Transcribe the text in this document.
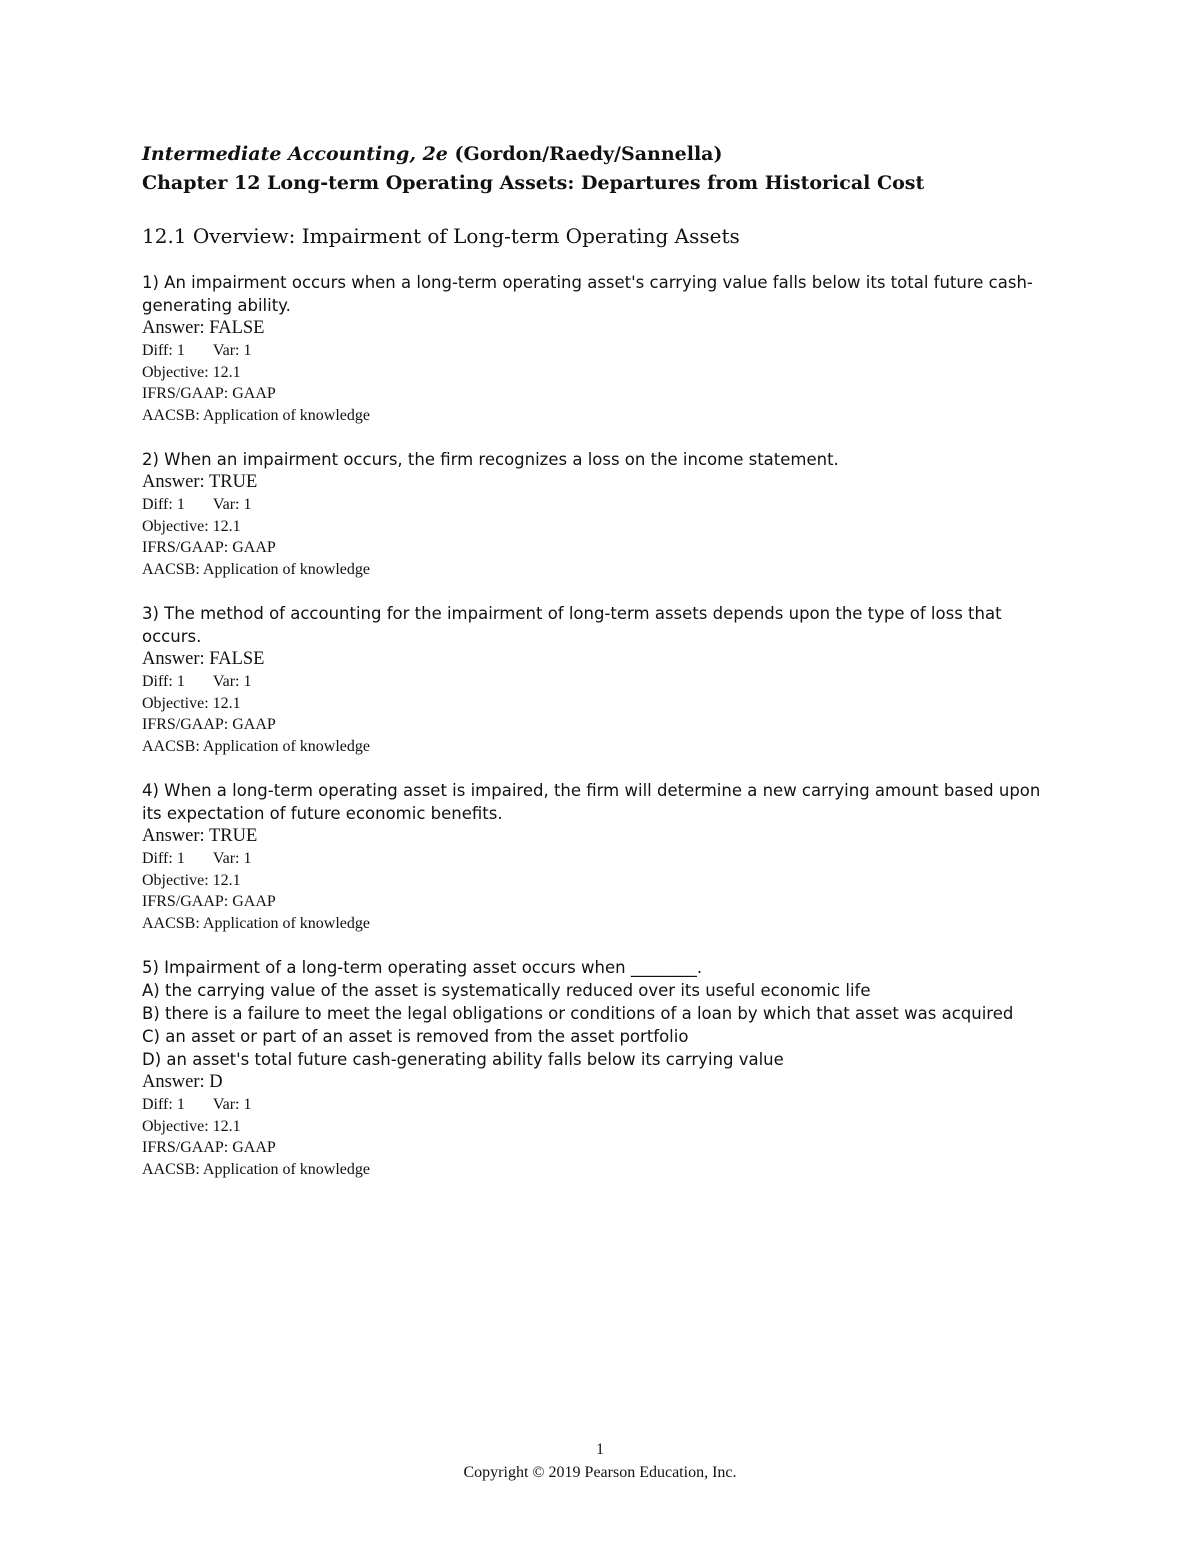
Intermediate Accounting, 2e (Gordon/Raedy/Sannella)
Chapter 12 Long-term Operating Assets: Departures from Historical Cost
12.1 Overview: Impairment of Long-term Operating Assets
1) An impairment occurs when a long-term operating asset's carrying value falls below its total future cash-generating ability.
Answer: FALSE
Diff: 1 Var: 1
Objective: 12.1
IFRS/GAAP: GAAP
AACSB: Application of knowledge
2) When an impairment occurs, the firm recognizes a loss on the income statement.
Answer: TRUE
Diff: 1 Var: 1
Objective: 12.1
IFRS/GAAP: GAAP
AACSB: Application of knowledge
3) The method of accounting for the impairment of long-term assets depends upon the type of loss that occurs.
Answer: FALSE
Diff: 1 Var: 1
Objective: 12.1
IFRS/GAAP: GAAP
AACSB: Application of knowledge
4) When a long-term operating asset is impaired, the firm will determine a new carrying amount based upon its expectation of future economic benefits.
Answer: TRUE
Diff: 1 Var: 1
Objective: 12.1
IFRS/GAAP: GAAP
AACSB: Application of knowledge
5) Impairment of a long-term operating asset occurs when ________.
A) the carrying value of the asset is systematically reduced over its useful economic life
B) there is a failure to meet the legal obligations or conditions of a loan by which that asset was acquired
C) an asset or part of an asset is removed from the asset portfolio
D) an asset's total future cash-generating ability falls below its carrying value
Answer: D
Diff: 1 Var: 1
Objective: 12.1
IFRS/GAAP: GAAP
AACSB: Application of knowledge
1
Copyright © 2019 Pearson Education, Inc.
